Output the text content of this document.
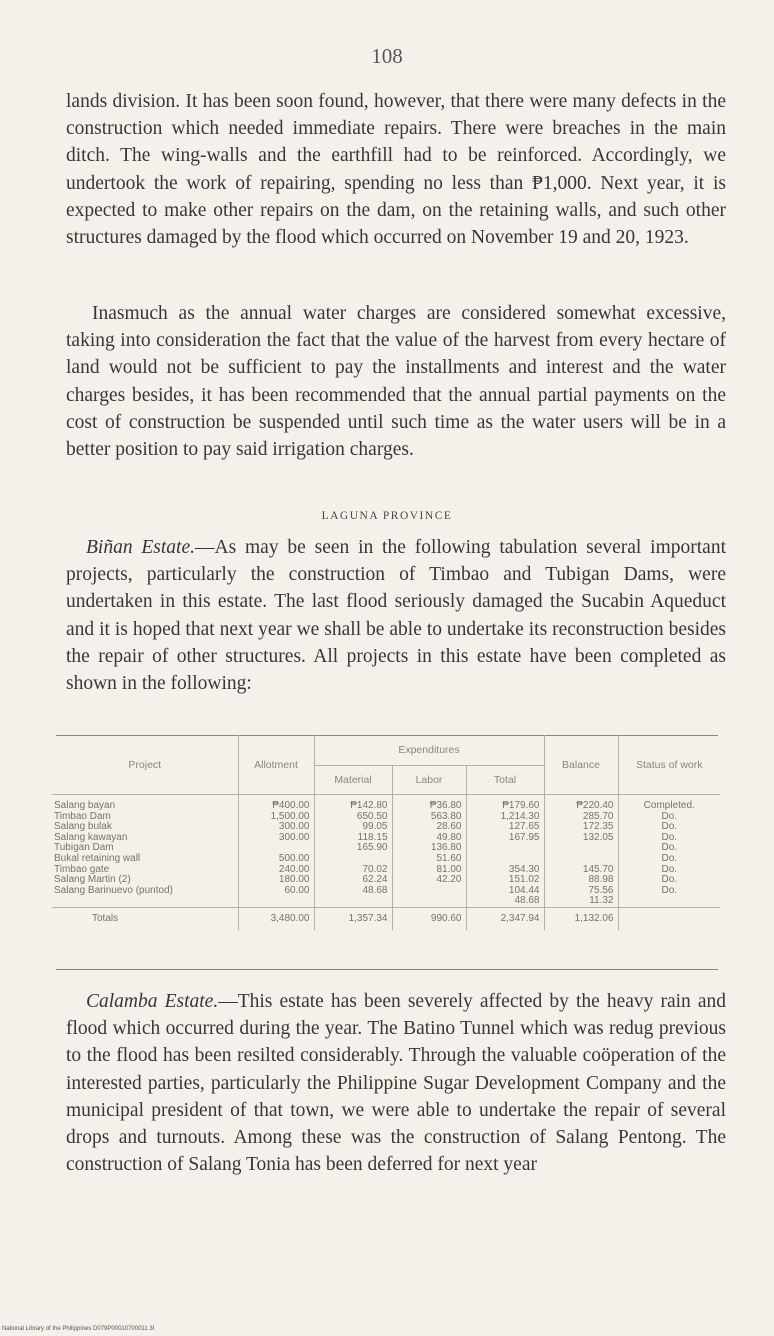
108
lands division. It has been soon found, however, that there were many defects in the construction which needed immediate repairs. There were breaches in the main ditch. The wing-walls and the earthfill had to be reinforced. Accordingly, we undertook the work of repairing, spending no less than ₱1,000. Next year, it is expected to make other repairs on the dam, on the retaining walls, and such other structures damaged by the flood which occurred on November 19 and 20, 1923.
Inasmuch as the annual water charges are considered somewhat excessive, taking into consideration the fact that the value of the harvest from every hectare of land would not be sufficient to pay the installments and interest and the water charges besides, it has been recommended that the annual partial payments on the cost of construction be suspended until such time as the water users will be in a better position to pay said irrigation charges.
LAGUNA PROVINCE
Biñan Estate.—As may be seen in the following tabulation several important projects, particularly the construction of Timbao and Tubigan Dams, were undertaken in this estate. The last flood seriously damaged the Sucabin Aqueduct and it is hoped that next year we shall be able to undertake its reconstruction besides the repair of other structures. All projects in this estate have been completed as shown in the following:
Project	Allotment	Expenditures			Balance	Status of work
		Material	Labor	Total		

Salang bayan	₱400.00	₱142.80	₱36.80	₱179.60	₱220.40	Completed.
Timbao Dam	1,500.00	650.50	563.80	1,214.30	285.70	Do.
Salang bulak	300.00	99.05	28.60	127.65	172.35	Do.
Salang kawayan	300.00	118.15	49.80	167.95	132.05	Do.
Tubigan Dam		165.90	136.80			Do.
Bukal retaining wall	500.00		51.60			Do.
Timbao gate	240.00	70.02	81.00	354.30	145.70	Do.
Salang Martin (2)	180.00	62.24	42.20	151.02	88.98	Do.
Salang Barinuevo (puntod)	60.00	48.68		104.44	75.56	Do.
				48.68	11.32	
Totals	3,480.00	1,357.34	990.60	2,347.94	1,132.06	
Calamba Estate.—This estate has been severely affected by the heavy rain and flood which occurred during the year. The Batino Tunnel which was redug previous to the flood has been resilted considerably. Through the valuable coöperation of the interested parties, particularly the Philippine Sugar Development Company and the municipal president of that town, we were able to undertake the repair of several drops and turnouts. Among these was the construction of Salang Pentong. The construction of Salang Tonia has been deferred for next year
National Library of the Philippines D079P00010700011 3I
